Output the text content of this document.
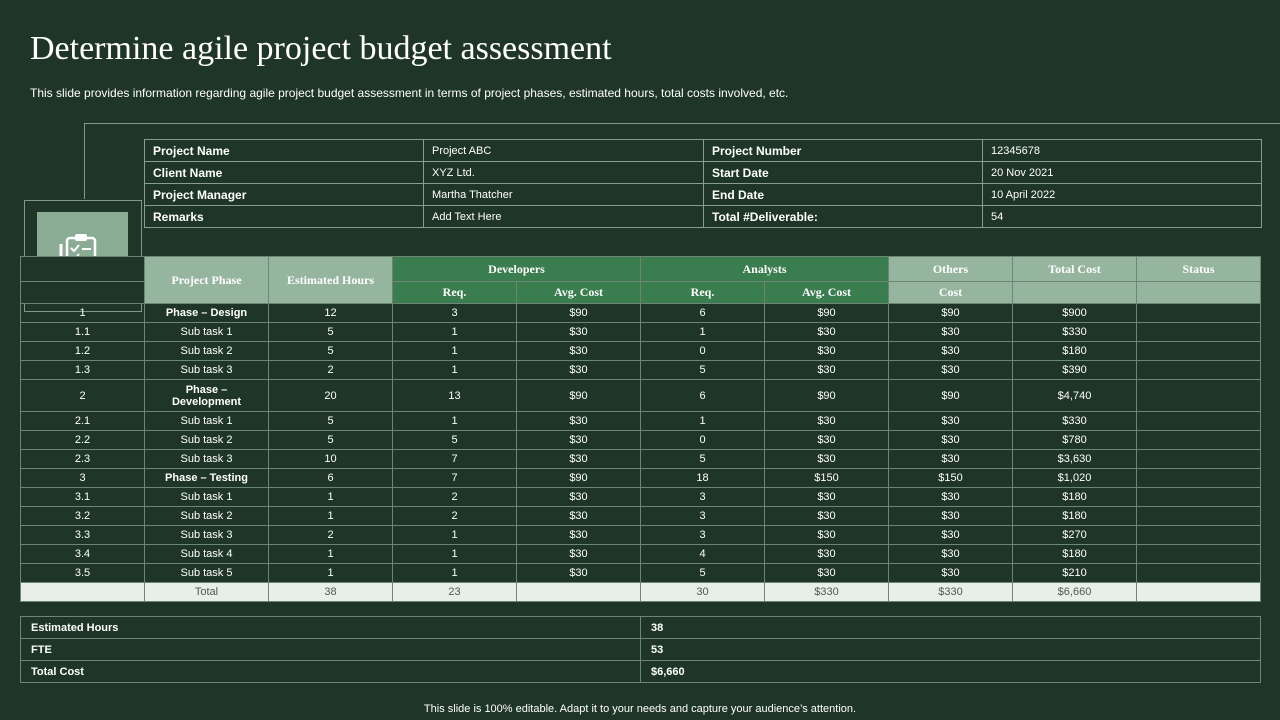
Determine agile project budget assessment
This slide provides information regarding agile project budget assessment in terms of project phases, estimated hours, total costs involved, etc.
Project Name	Project ABC	Project Number	12345678
Client Name	XYZ Ltd.	Start Date	20 Nov 2021
Project Manager	Martha Thatcher	End Date	10 April 2022
Remarks	Add Text Here	Total #Deliverable:	54
	Project Phase	Estimated Hours	Developers		Analysts		Others	Total Cost	Status
			Req.	Avg. Cost	Req.	Avg. Cost	Cost		
1	Phase – Design	12	3	$90	6	$90	$90	$900	
1.1	Sub task 1	5	1	$30	1	$30	$30	$330	
1.2	Sub task 2	5	1	$30	0	$30	$30	$180	
1.3	Sub task 3	2	1	$30	5	$30	$30	$390	
2	Phase – Development	20	13	$90	6	$90	$90	$4,740	
2.1	Sub task 1	5	1	$30	1	$30	$30	$330	
2.2	Sub task 2	5	5	$30	0	$30	$30	$780	
2.3	Sub task 3	10	7	$30	5	$30	$30	$3,630	
3	Phase – Testing	6	7	$90	18	$150	$150	$1,020	
3.1	Sub task 1	1	2	$30	3	$30	$30	$180	
3.2	Sub task 2	1	2	$30	3	$30	$30	$180	
3.3	Sub task 3	2	1	$30	3	$30	$30	$270	
3.4	Sub task 4	1	1	$30	4	$30	$30	$180	
3.5	Sub task 5	1	1	$30	5	$30	$30	$210	
	Total	38	23		30	$330	$330	$6,660	
Estimated Hours	38
FTE	53
Total Cost	$6,660
This slide is 100% editable. Adapt it to your needs and capture your audience’s attention.
